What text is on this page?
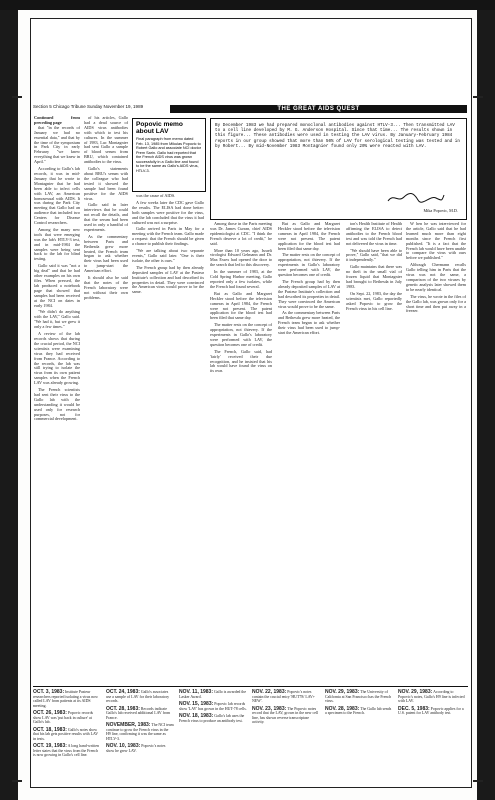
Section 5 Chicago Tribune Sunday November 19, 1989	THE GREAT AIDS QUEST
Continued from preceding page

that "in the records of January we had no essential data," and that by the time of the symposium in Park City in early February "we knew everything that we knew in April."

According to Gallo's lab records, it was in mid-January that he wrote to Montagnier that he had been able to infect cells with LAV, an American homosexual with AIDS. It was during the Park City meeting that Gallo had an audience that included two Centers for Disease Control researchers.

Among the many new tools that were emerging was the lab's HTLV-3 test, and in mid-1984 the samples were being sent back to the lab for blind testing.

Gallo said it was "not a big deal" and that he had other examples on his own files. When pressed, the lab produced a notebook page that showed that samples had been received at the NCI on dates in early 1984.

"We didn't do anything with the LAV," Gallo said. "We had it, but we grew it only a few times."

A review of the lab records shows that during the crucial period, the NCI scientists were examining virus they had received from France. According to the records, the lab was still trying to isolate the virus from its own patient samples when the French LAV was already growing.

The French scientists had sent their virus to the Gallo lab with the understanding it would be used only for research purposes, not for commercial development.

of his articles, Gallo had a dead source of AIDS virus antibodies with which to test his cultures. In the summer of 1983, Luc Montagnier had sent Gallo a sample of blood serum from BRU, which contained antibodies to the virus.

Gallo's statements about BRU's serum with the colleague who had tested it showed the sample had been found positive for the AIDS virus.

Gallo said in later interviews that he could not recall the details, and that the serum had been used in only a handful of experiments.

As the commentary between Paris and Bethesda grew more heated, the French team began to ask whether their virus had been used to jump-start the American effort.

It should also be said that the notes of the French laboratory were not without their own problems.

Popovic memo about LAV
Final paragraph from memo dated Feb. 13, 1985 from Mikulas Popovic to Robert Gallo and associate NCI doctor Prem Sarin. Gallo had reported that the French AIDS virus was grown successfully in a Gallo line and found to be the same as Gallo's AIDS virus, HTLV-3.

was the cause of AIDS.

A few weeks later the CDC gave Gallo the results. The ELISA had done better: both samples were positive for the virus, and the lab concluded that the virus it had cultured was not a surprise.

Gallo arrived in Paris in May for a meeting with the French team. Gallo made a request: that the French should be given a chance to publish their findings.

"We are talking about two separate events," Gallo said later. "One is their isolate, the other is ours."

The French group had by then already deposited samples of LAV at the Pasteur Institute's collection and had described its properties in detail. They were convinced the American virus would prove to be the same.

By December 1983 we had prepared monoclonal antibodies against HTLV-3... Then transmitted LAV to a cell line developed by M. G. Anderson Hospital. Since that time... The results shown in this figure... These antibodies were used in testing the LAV virus. By January-February 1984 reports in our group showed that more than 50% of LAV for serological testing was tested and in by Robert... By mid-November 1983 Montagnier found only 20% were reacted with LAV.
Mika Popovic, M.D.

Among those in the Paris meeting was Dr. James Curran, chief AIDS epidemiologist at CDC. "I think the French deserve a lot of credit," he said.

More than 10 years ago, Israeli virologist Edward Gelmann and Dr. Max Essex had opened the door to the search that led to this discovery.

In the summer of 1983, at the Cold Spring Harbor meeting, Gallo reported only a few isolates, while the French had found several.

But as Gallo and Margaret Heckler stood before the television cameras in April 1984, the French were not present. The patent application for the blood test had been filed that same day.

The matter rests on the concept of appropriation, not thievery. If the experiments in Gallo's laboratory were performed with LAV, the question becomes one of credit.

The French, Gallo said, had 'fairly' received their due recognition, and he insisted that his lab would have found the virus on its own.

But as Gallo and Margaret Heckler stood before the television cameras in April 1984, the French were not present. The patent application for the blood test had been filed that same day.

The matter rests on the concept of appropriation, not thievery. If the experiments in Gallo's laboratory were performed with LAV, the question becomes one of credit.

The French group had by then already deposited samples of LAV at the Pasteur Institute's collection and had described its properties in detail. They were convinced the American virus would prove to be the same.

As the commentary between Paris and Bethesda grew more heated, the French team began to ask whether their virus had been used to jump-start the American effort.

ton's Health Institute of Health affirming the ELISA to detect antibodies to the French blood test and was told the French had not delivered the virus in time.

"We should have been able to prove," Gallo said, "that we did it independently."

Gallo maintains that there was no theft in the small vial of frozen liquid that Montagnier had brought to Bethesda in July 1983.

On Sept. 22, 1983, the day the scientists met, Gallo reportedly asked Popovic to grow the French virus in his cell line.

W hen he was interviewed for the article, Gallo said that he had learned much more than eight months since the French first published. "It is a fact that the French lab would have been unable to compare the virus with ours before we published."

Although Chermann recalls Gallo telling him in Paris that the virus was not the same, a comparison of the two viruses by genetic analysis later showed them to be nearly identical.

The virus, he wrote in the files of the Gallo lab, was grown only for a short time and then put away in a freezer.

OCT. 3, 1983: Institute Pasteur researchers reported isolating a virus now called LAV from patients at its AIDS meeting.
OCT. 26, 1983: Popovic records show LAV was 'put back in culture' at Gallo's lab.
OCT. 18, 1983: Gallo's notes show that his lab gets positive results with LAV in tests.
OCT. 19, 1983: A long hand-written letter states that the virus from the French is now growing in Gallo's cell line.
OCT. 24, 1983: Gallo's associates use a sample of LAV for their laboratory records.
OCT. 28, 1983: Records indicate Gallo's lab received additional LAV from France.
NOVEMBER, 1983: The NCI team continue to grow the French virus in the H9 line, confirming it was the same as HTLV-3.
NOV. 10, 1983: Popovic's notes show he grew LAV.
NOV. 11, 1983: Gallo is awarded the Lasker Award.
NOV. 15, 1983: Popovic lab records show 'LAV' has grown in the HUT-78 cells.
NOV. 18, 1983: Gallo's lab uses the French virus to produce an antibody test.
NOV. 22, 1983: Popovic's notes contain the crucial entry 'HUT78/ LAV+ NEW'.
NOV. 23, 1983: The Popovic notes record that the LAV, grown in the new cell line, has shown reverse transcriptase activity.
NOV. 29, 1983: The University of California at San Francisco has the French virus.
NOV. 28, 1983: The Gallo lab sends a specimen to the French.
NOV. 29, 1983: According to Popovic's notes, Gallo's H9 line is infected with LAV.
DEC. 5, 1983: Popovic applies for a U.S. patent for LAV antibody test.
